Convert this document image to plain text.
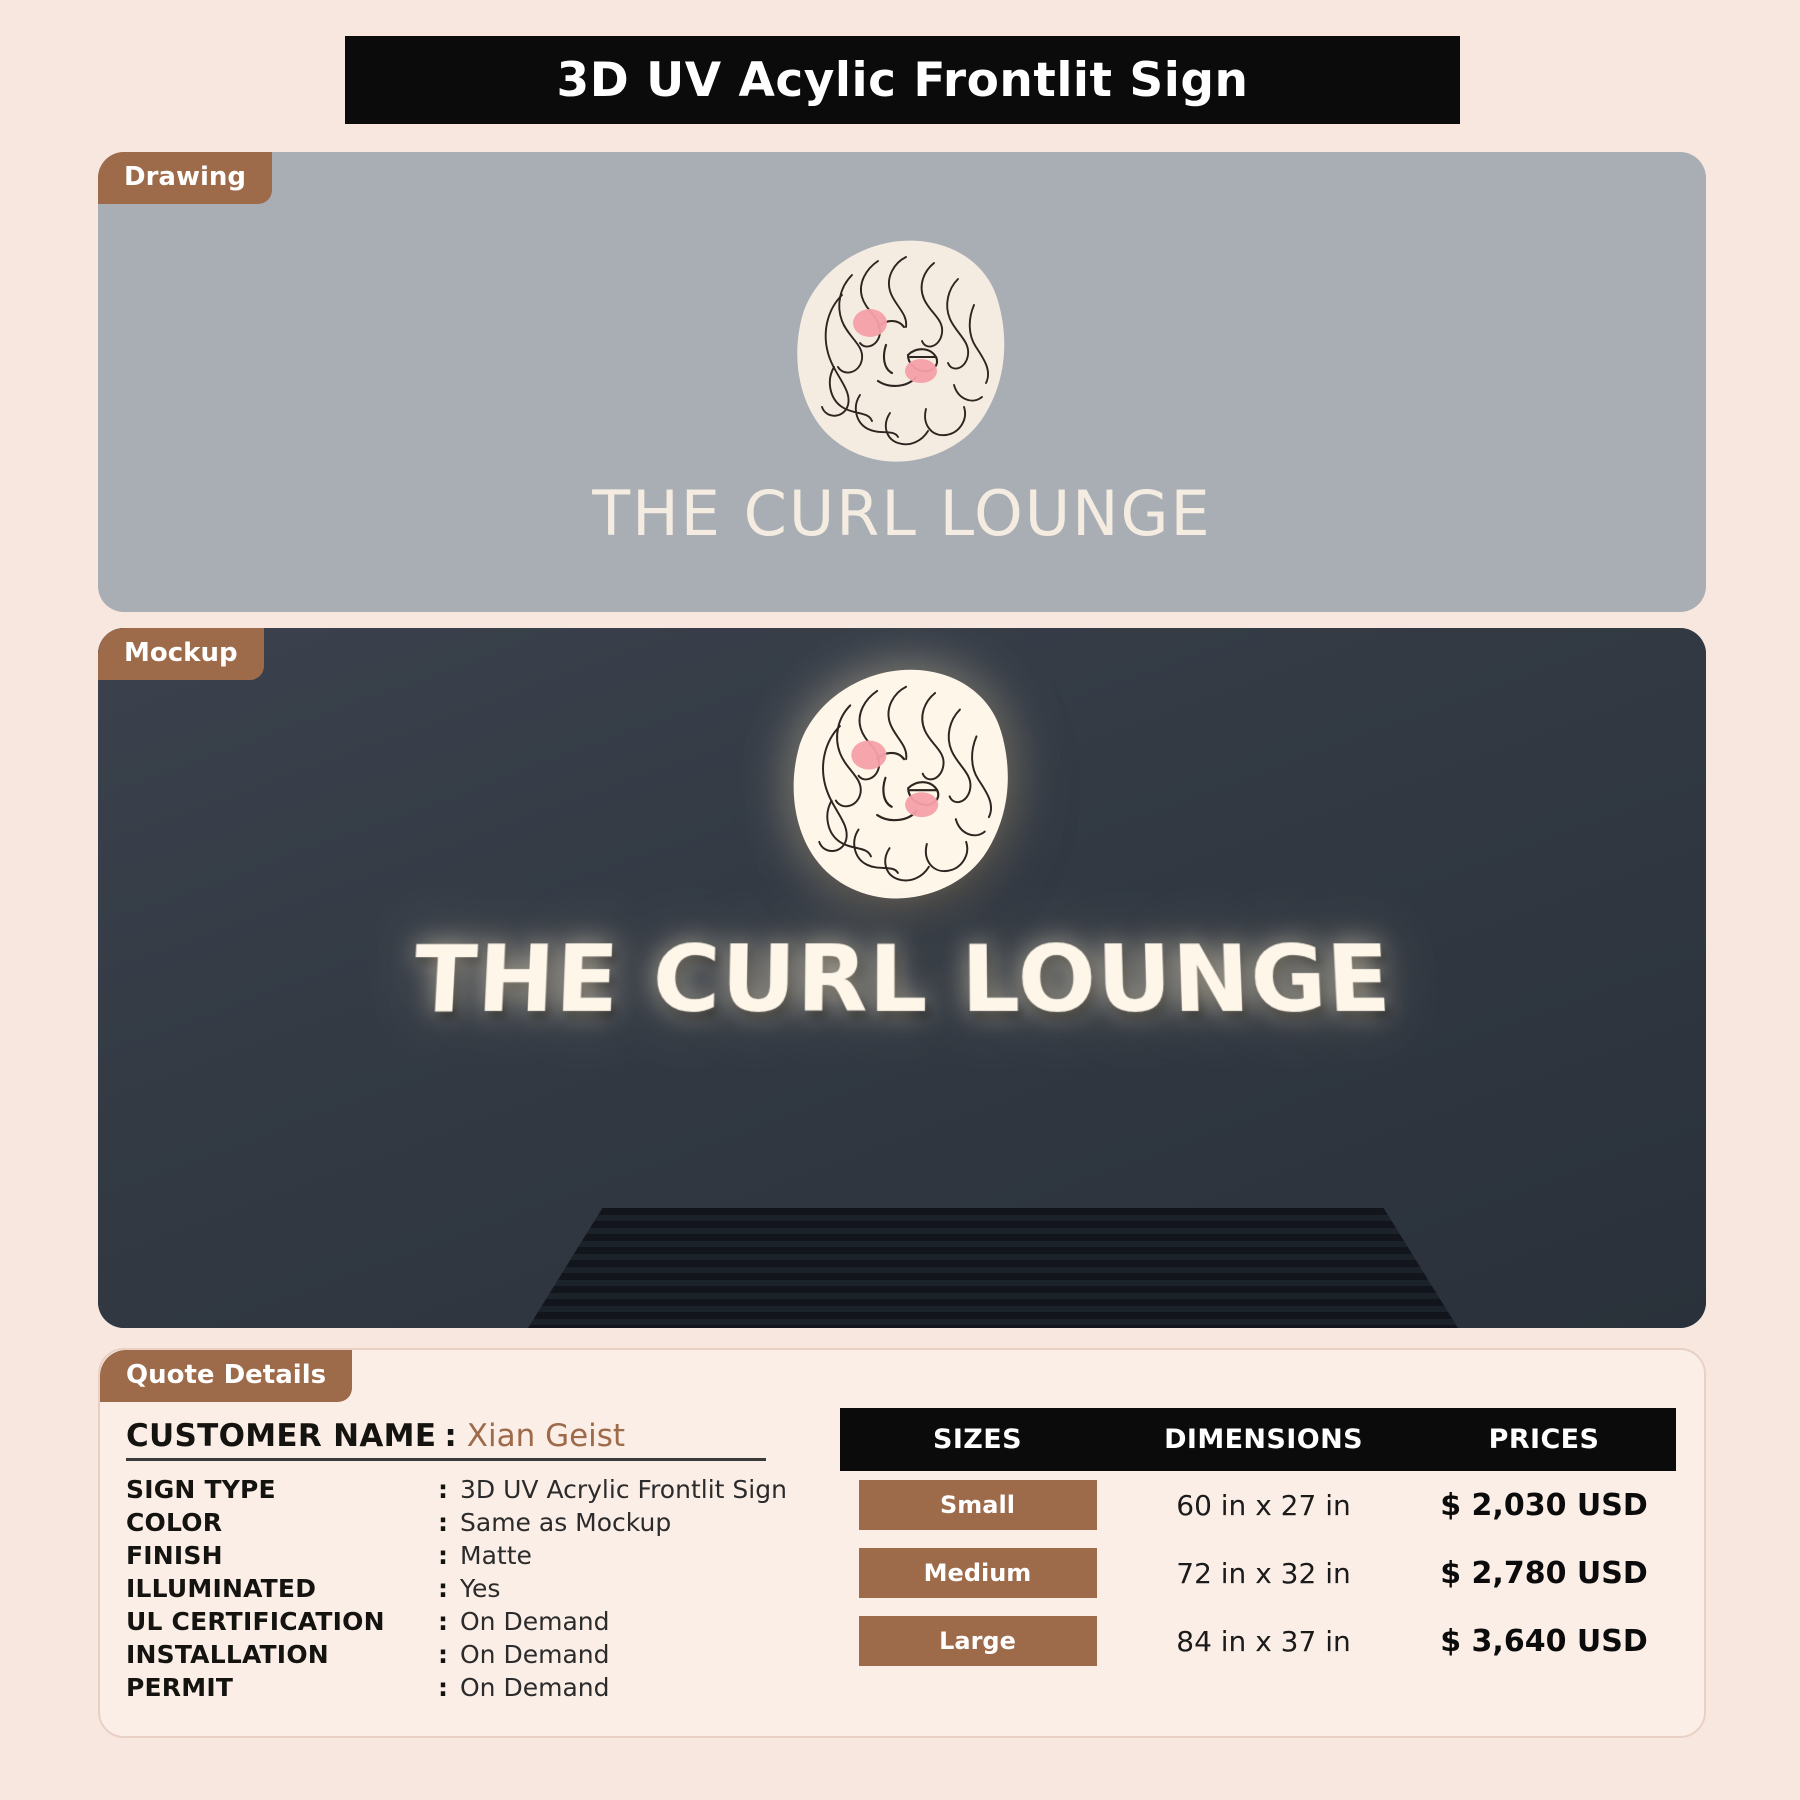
3D UV Acylic Frontlit Sign
Drawing
THE CURL LOUNGE
Mockup
THE CURL LOUNGE
Quote Details
CUSTOMER NAME : Xian Geist
SIGN TYPE	:	3D UV Acrylic Frontlit Sign
COLOR	:	Same as Mockup
FINISH	:	Matte
ILLUMINATED	:	Yes
UL CERTIFICATION	:	On Demand
INSTALLATION	:	On Demand
PERMIT	:	On Demand
SIZES	DIMENSIONS	PRICES

Small	60 in x 27 in	$ 2,030 USD

Medium	72 in x 32 in	$ 2,780 USD

Large	84 in x 37 in	$ 3,640 USD
